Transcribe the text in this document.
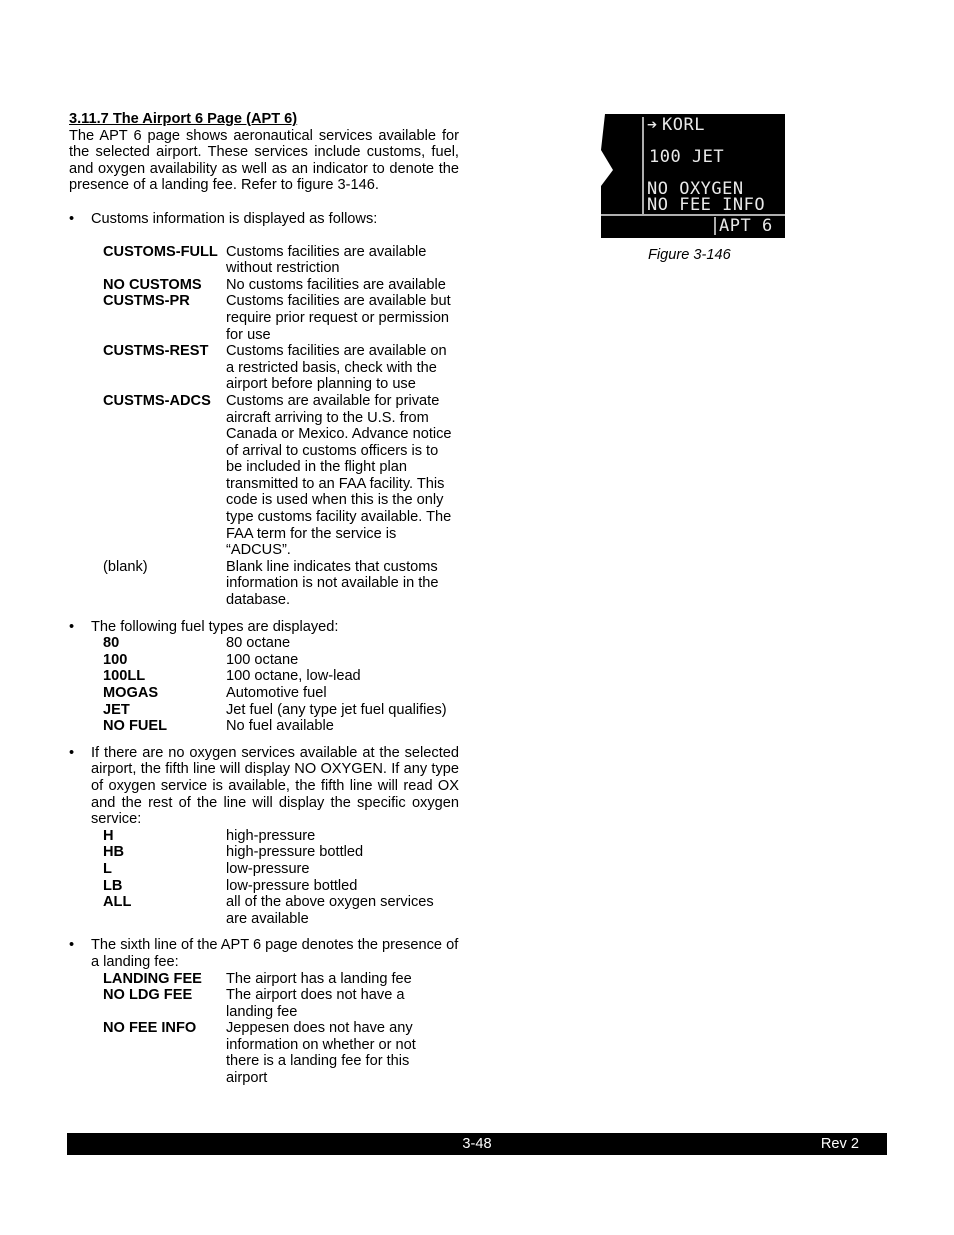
3.11.7 The Airport 6 Page (APT 6)
The APT 6 page shows aeronautical services available for the selected airport. These services include customs, fuel, and oxygen availability as well as an indicator to denote the presence of a landing fee. Refer to figure 3-146.
• Customs information is displayed as follows:
CUSTOMS-FULL	Customs facilities are available without restriction
NO CUSTOMS	No customs facilities are available
CUSTMS-PR	Customs facilities are available but require prior request or permission for use
CUSTMS-REST	Customs facilities are available on a restricted basis, check with the airport before planning to use
CUSTMS-ADCS	Customs are available for private aircraft arriving to the U.S. from Canada or Mexico. Advance notice of arrival to customs officers is to be included in the flight plan transmitted to an FAA facility. This code is used when this is the only type customs facility available. The FAA term for the service is “ADCUS”.
(blank)	Blank line indicates that customs information is not available in the database.
• The following fuel types are displayed:
80	80 octane
100	100 octane
100LL	100 octane, low-lead
MOGAS	Automotive fuel
JET	Jet fuel (any type jet fuel qualifies)
NO FUEL	No fuel available
• If there are no oxygen services available at the selected airport, the fifth line will display NO OXYGEN. If any type of oxygen service is available, the fifth line will read OX and the rest of the line will display the specific oxygen service:
H	high-pressure
HB	high-pressure bottled
L	low-pressure
LB	low-pressure bottled
ALL	all of the above oxygen services are available
• The sixth line of the APT 6 page denotes the presence of a landing fee:
LANDING FEE	The airport has a landing fee
NO LDG FEE	The airport does not have a landing fee
NO FEE INFO	Jeppesen does not have any information on whether or not there is a landing fee for this airport
➔ KORL
100 JET
NO OXYGEN
NO FEE INFO
APT 6
Figure 3-146
3-48	Rev 2
